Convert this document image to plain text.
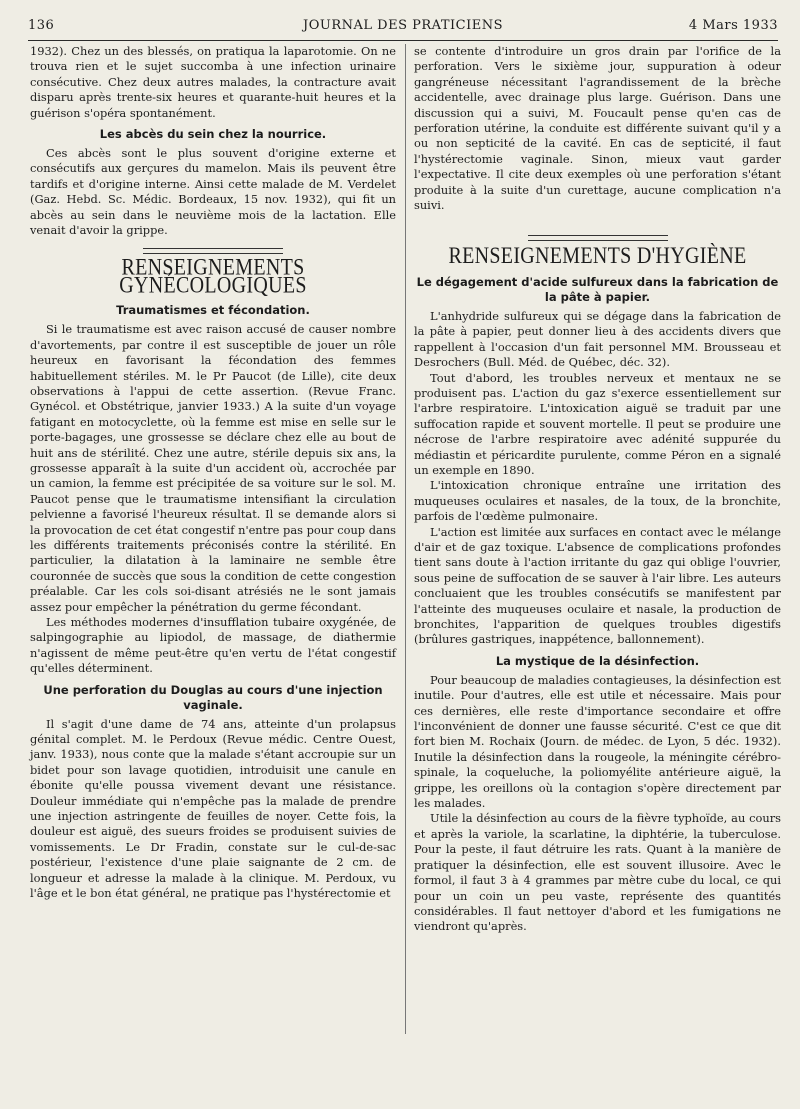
136	JOURNAL DES PRATICIENS	4 Mars 1933

1932). Chez un des blessés, on pratiqua la laparotomie. On ne trouva rien et le sujet succomba à une infection urinaire consécutive. Chez deux autres malades, la contracture avait disparu après trente-six heures et quarante-huit heures et la guérison s'opéra spontanément.

Les abcès du sein chez la nourrice.

Ces abcès sont le plus souvent d'origine externe et consécutifs aux gerçures du mamelon. Mais ils peuvent être tardifs et d'origine interne. Ainsi cette malade de M. Verdelet (Gaz. Hebd. Sc. Médic. Bordeaux, 15 nov. 1932), qui fit un abcès au sein dans le neuvième mois de la lactation. Elle venait d'avoir la grippe.

RENSEIGNEMENTS GYNÉCOLOGIQUES
Traumatismes et fécondation.

Si le traumatisme est avec raison accusé de causer nombre d'avortements, par contre il est susceptible de jouer un rôle heureux en favorisant la fécondation des femmes habituellement stériles. M. le Pr Paucot (de Lille), cite deux observations à l'appui de cette assertion. (Revue Franc. Gynécol. et Obstétrique, janvier 1933.) A la suite d'un voyage fatigant en motocyclette, où la femme est mise en selle sur le porte-bagages, une grossesse se déclare chez elle au bout de huit ans de stérilité. Chez une autre, stérile depuis six ans, la grossesse apparaît à la suite d'un accident où, accrochée par un camion, la femme est précipitée de sa voiture sur le sol. M. Paucot pense que le traumatisme intensifiant la circulation pelvienne a favorisé l'heureux résultat. Il se demande alors si la provocation de cet état congestif n'entre pas pour coup dans les différents traitements préconisés contre la stérilité. En particulier, la dilatation à la laminaire ne semble être couronnée de succès que sous la condition de cette congestion préalable. Car les cols soi-disant atrésiés ne le sont jamais assez pour empêcher la pénétration du germe fécondant.

Les méthodes modernes d'insufflation tubaire oxygénée, de salpingographie au lipiodol, de massage, de diathermie n'agissent de même peut-être qu'en vertu de l'état congestif qu'elles déterminent.

Une perforation du Douglas au cours d'une injection vaginale.

Il s'agit d'une dame de 74 ans, atteinte d'un prolapsus génital complet. M. le Perdoux (Revue médic. Centre Ouest, janv. 1933), nous conte que la malade s'étant accroupie sur un bidet pour son lavage quotidien, introduisit une canule en ébonite qu'elle poussa vivement devant une résistance. Douleur immédiate qui n'empêche pas la malade de prendre une injection astringente de feuilles de noyer. Cette fois, la douleur est aiguë, des sueurs froides se produisent suivies de vomissements. Le Dr Fradin, constate sur le cul-de-sac postérieur, l'existence d'une plaie saignante de 2 cm. de longueur et adresse la malade à la clinique. M. Perdoux, vu l'âge et le bon état général, ne pratique pas l'hystérectomie et

se contente d'introduire un gros drain par l'orifice de la perforation. Vers le sixième jour, suppuration à odeur gangréneuse nécessitant l'agrandissement de la brèche accidentelle, avec drainage plus large. Guérison. Dans une discussion qui a suivi, M. Foucault pense qu'en cas de perforation utérine, la conduite est différente suivant qu'il y a ou non septicité de la cavité. En cas de septicité, il faut l'hystérectomie vaginale. Sinon, mieux vaut garder l'expectative. Il cite deux exemples où une perforation s'étant produite à la suite d'un curettage, aucune complication n'a suivi.

RENSEIGNEMENTS D'HYGIÈNE
Le dégagement d'acide sulfureux dans la fabrication de la pâte à papier.

L'anhydride sulfureux qui se dégage dans la fabrication de la pâte à papier, peut donner lieu à des accidents divers que rappellent à l'occasion d'un fait personnel MM. Brousseau et Desrochers (Bull. Méd. de Québec, déc. 32).

Tout d'abord, les troubles nerveux et mentaux ne se produisent pas. L'action du gaz s'exerce essentiellement sur l'arbre respiratoire. L'intoxication aiguë se traduit par une suffocation rapide et souvent mortelle. Il peut se produire une nécrose de l'arbre respiratoire avec adénité suppurée du médiastin et péricardite purulente, comme Péron en a signalé un exemple en 1890.

L'intoxication chronique entraîne une irritation des muqueuses oculaires et nasales, de la toux, de la bronchite, parfois de l'œdème pulmonaire.

L'action est limitée aux surfaces en contact avec le mélange d'air et de gaz toxique. L'absence de complications profondes tient sans doute à l'action irritante du gaz qui oblige l'ouvrier, sous peine de suffocation de se sauver à l'air libre. Les auteurs concluaient que les troubles consécutifs se manifestent par l'atteinte des muqueuses oculaire et nasale, la production de bronchites, l'apparition de quelques troubles digestifs (brûlures gastriques, inappétence, ballonnement).

La mystique de la désinfection.

Pour beaucoup de maladies contagieuses, la désinfection est inutile. Pour d'autres, elle est utile et nécessaire. Mais pour ces dernières, elle reste d'importance secondaire et offre l'inconvénient de donner une fausse sécurité. C'est ce que dit fort bien M. Rochaix (Journ. de médec. de Lyon, 5 déc. 1932). Inutile la désinfection dans la rougeole, la méningite cérébro-spinale, la coqueluche, la poliomyélite antérieure aiguë, la grippe, les oreillons où la contagion s'opère directement par les malades.

Utile la désinfection au cours de la fièvre typhoïde, au cours et après la variole, la scarlatine, la diphtérie, la tuberculose. Pour la peste, il faut détruire les rats. Quant à la manière de pratiquer la désinfection, elle est souvent illusoire. Avec le formol, il faut 3 à 4 grammes par mètre cube du local, ce qui pour un coin un peu vaste, représente des quantités considérables. Il faut nettoyer d'abord et les fumigations ne viendront qu'après.
